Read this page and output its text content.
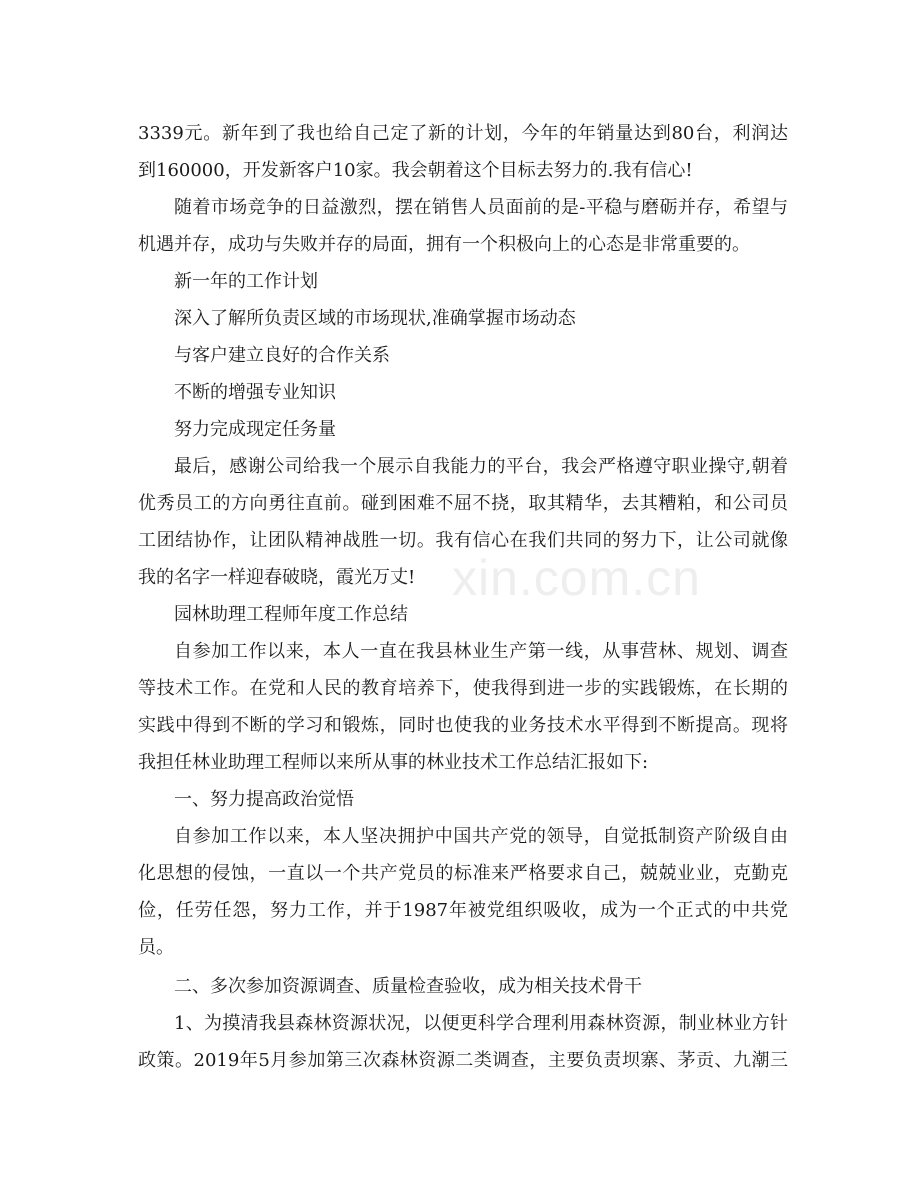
xin.com.cn
3339元。新年到了我也给自己定了新的计划，今年的年销量达到80台，利润达
到160000，开发新客户10家。我会朝着这个目标去努力的.我有信心!
随着市场竞争的日益激烈，摆在销售人员面前的是-平稳与磨砺并存，希望与
机遇并存，成功与失败并存的局面，拥有一个积极向上的心态是非常重要的。
新一年的工作计划
深入了解所负责区域的市场现状,准确掌握市场动态
与客户建立良好的合作关系
不断的增强专业知识
努力完成现定任务量
最后，感谢公司给我一个展示自我能力的平台，我会严格遵守职业操守,朝着
优秀员工的方向勇往直前。碰到困难不屈不挠，取其精华，去其糟粕，和公司员
工团结协作，让团队精神战胜一切。我有信心在我们共同的努力下，让公司就像
我的名字一样迎春破晓，霞光万丈!
园林助理工程师年度工作总结
自参加工作以来，本人一直在我县林业生产第一线，从事营林、规划、调查
等技术工作。在党和人民的教育培养下，使我得到进一步的实践锻炼，在长期的
实践中得到不断的学习和锻炼，同时也使我的业务技术水平得到不断提高。现将
我担任林业助理工程师以来所从事的林业技术工作总结汇报如下:
一、努力提高政治觉悟
自参加工作以来，本人坚决拥护中国共产党的领导，自觉抵制资产阶级自由
化思想的侵蚀，一直以一个共产党员的标准来严格要求自己，兢兢业业，克勤克
俭，任劳任怨，努力工作，并于1987年被党组织吸收，成为一个正式的中共党
员。
二、多次参加资源调查、质量检查验收，成为相关技术骨干
1、为摸清我县森林资源状况，以便更科学合理利用森林资源，制业林业方针
政策。2019年5月参加第三次森林资源二类调查，主要负责坝寨、茅贡、九潮三
